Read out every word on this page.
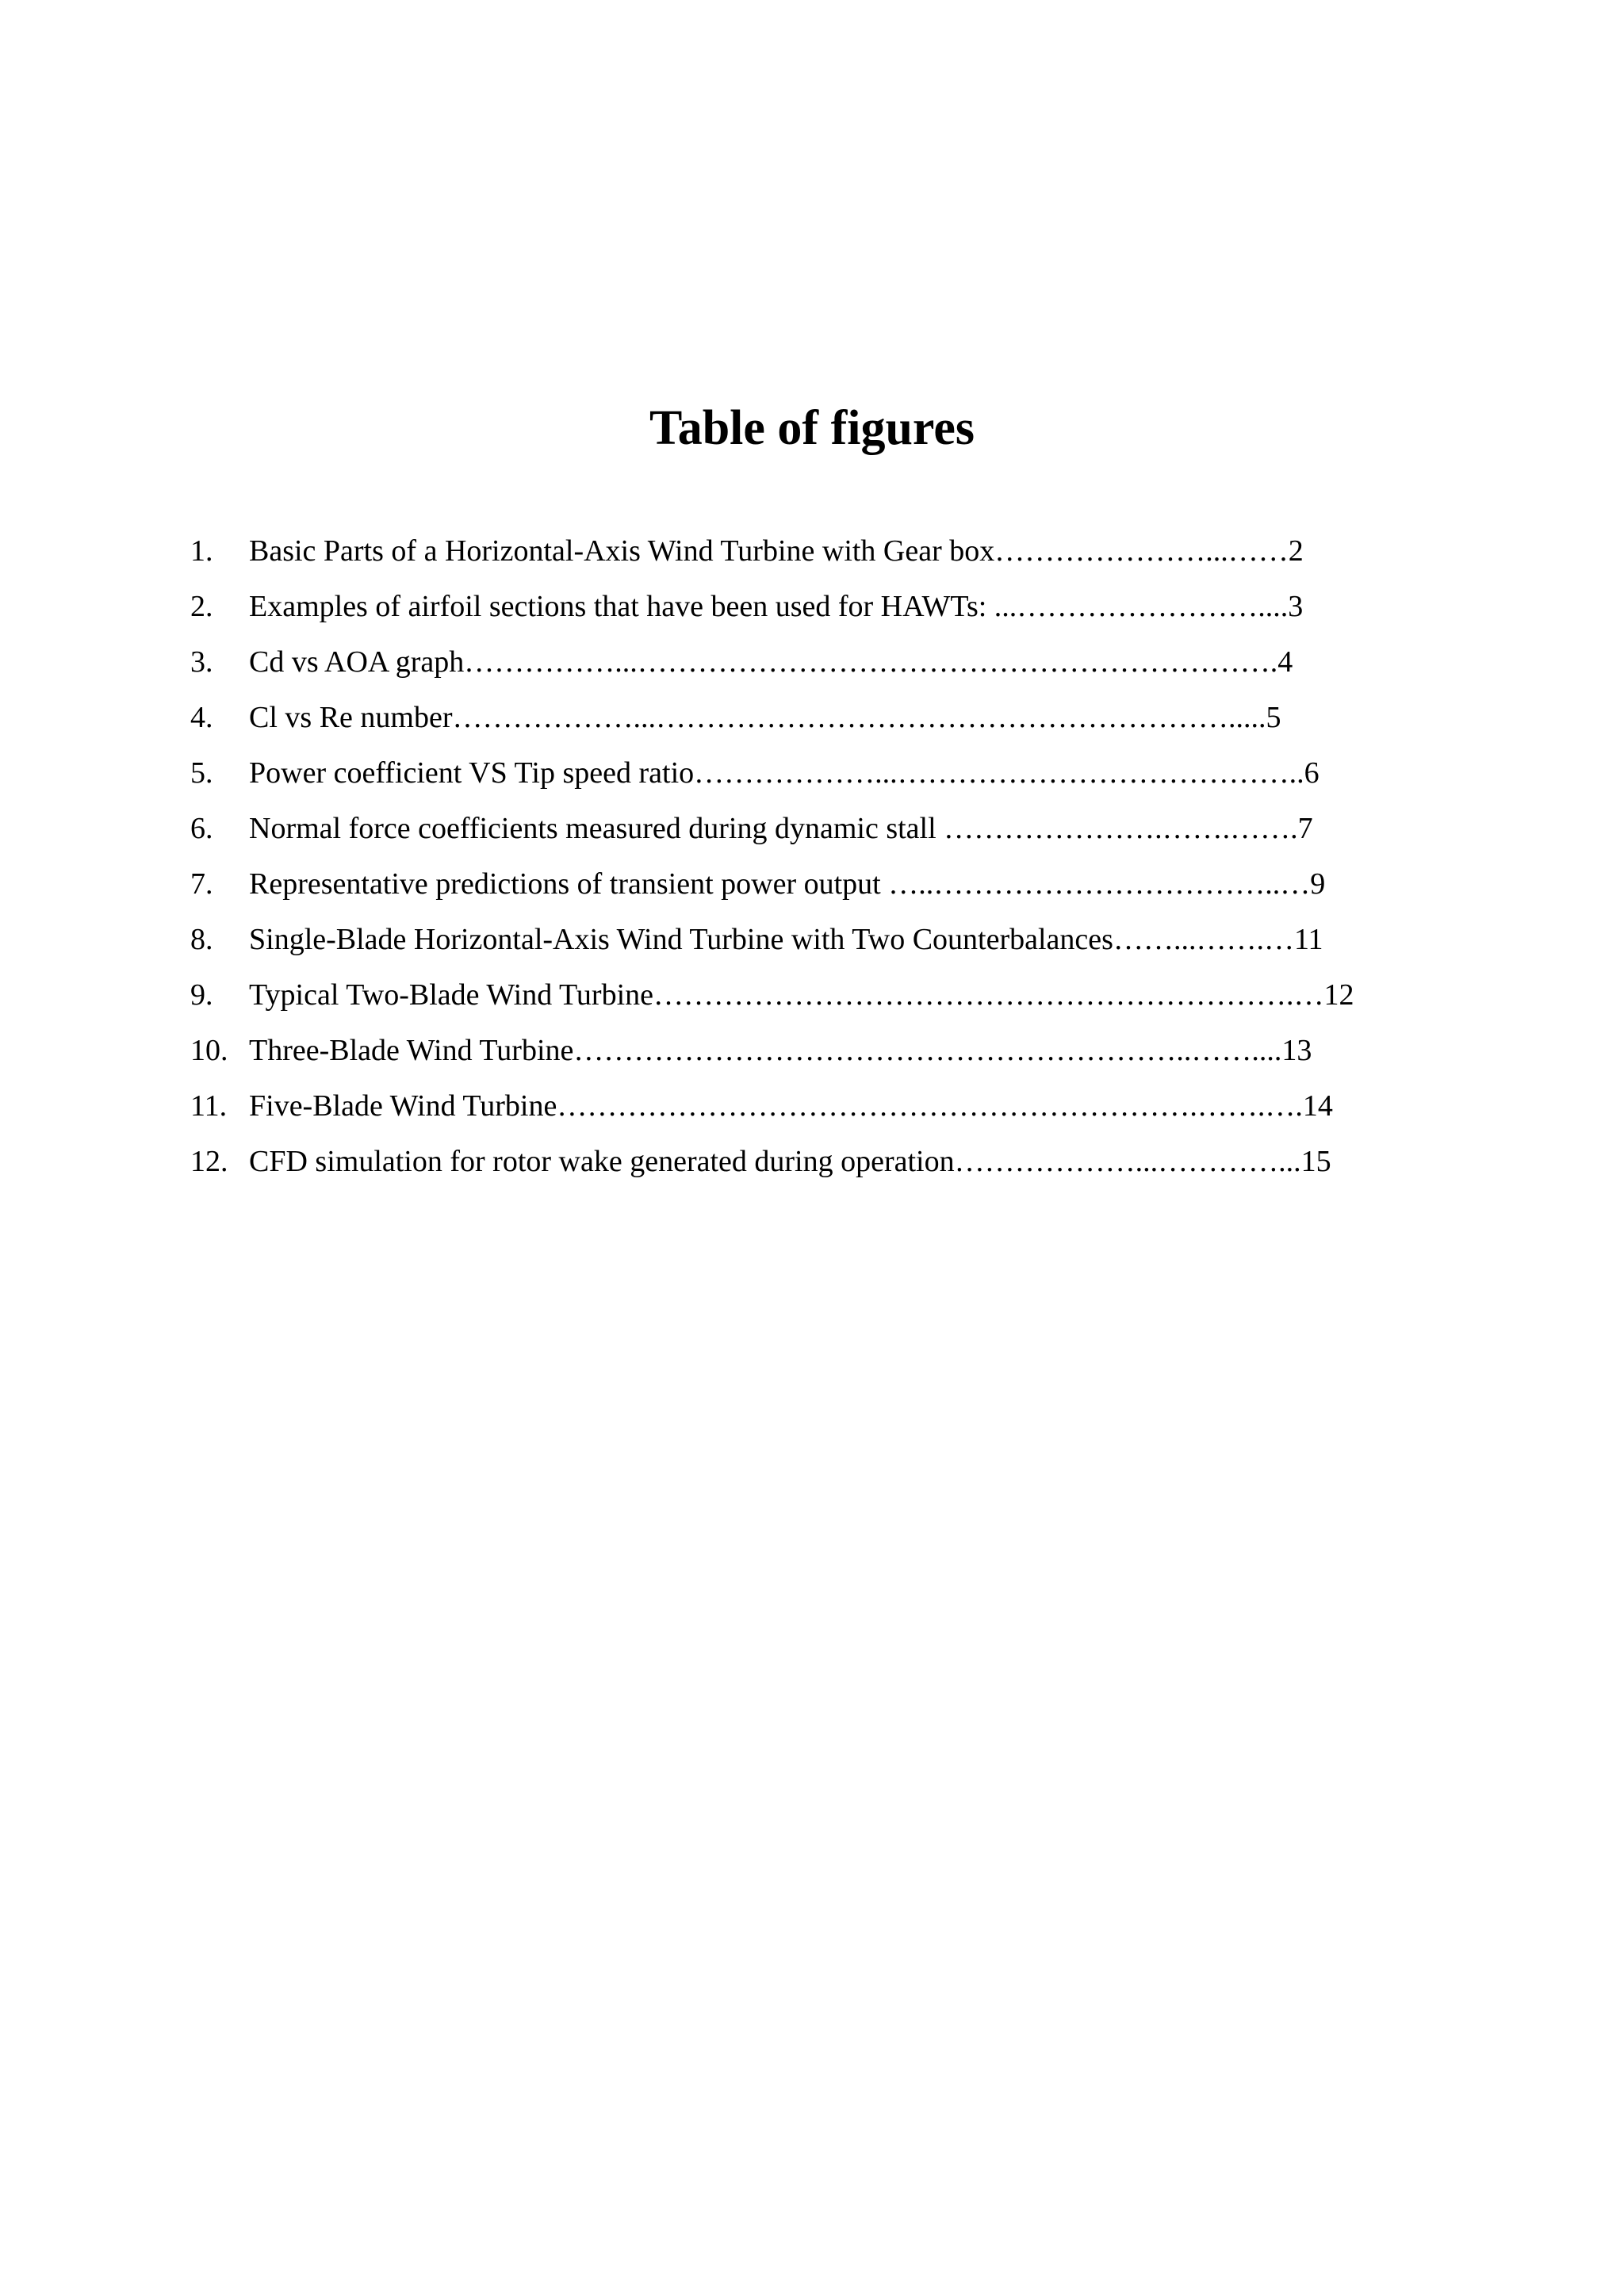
Table of figures
1. Basic Parts of a Horizontal-Axis Wind Turbine with Gear box…………………...……2
2. Examples of airfoil sections that have been used for HAWTs: ...……………………....3
3. Cd vs AOA graph……………...……………………………………………………….4
4. Cl vs Re number………………...………………………………………………….....5
5. Power coefficient VS Tip speed ratio………………...…………………………………..6
6. Normal force coefficients measured during dynamic stall ………………….…….…….7
7. Representative predictions of transient power output …..……………………………..…9
8. Single-Blade Horizontal-Axis Wind Turbine with Two Counterbalances……...…….…11
9. Typical Two-Blade Wind Turbine……………………………………………………….…12
10. Three-Blade Wind Turbine……………………………………………………..……....13
11. Five-Blade Wind Turbine……………………………………………………….…….….14
12. CFD simulation for rotor wake generated during operation………………...…………...15
